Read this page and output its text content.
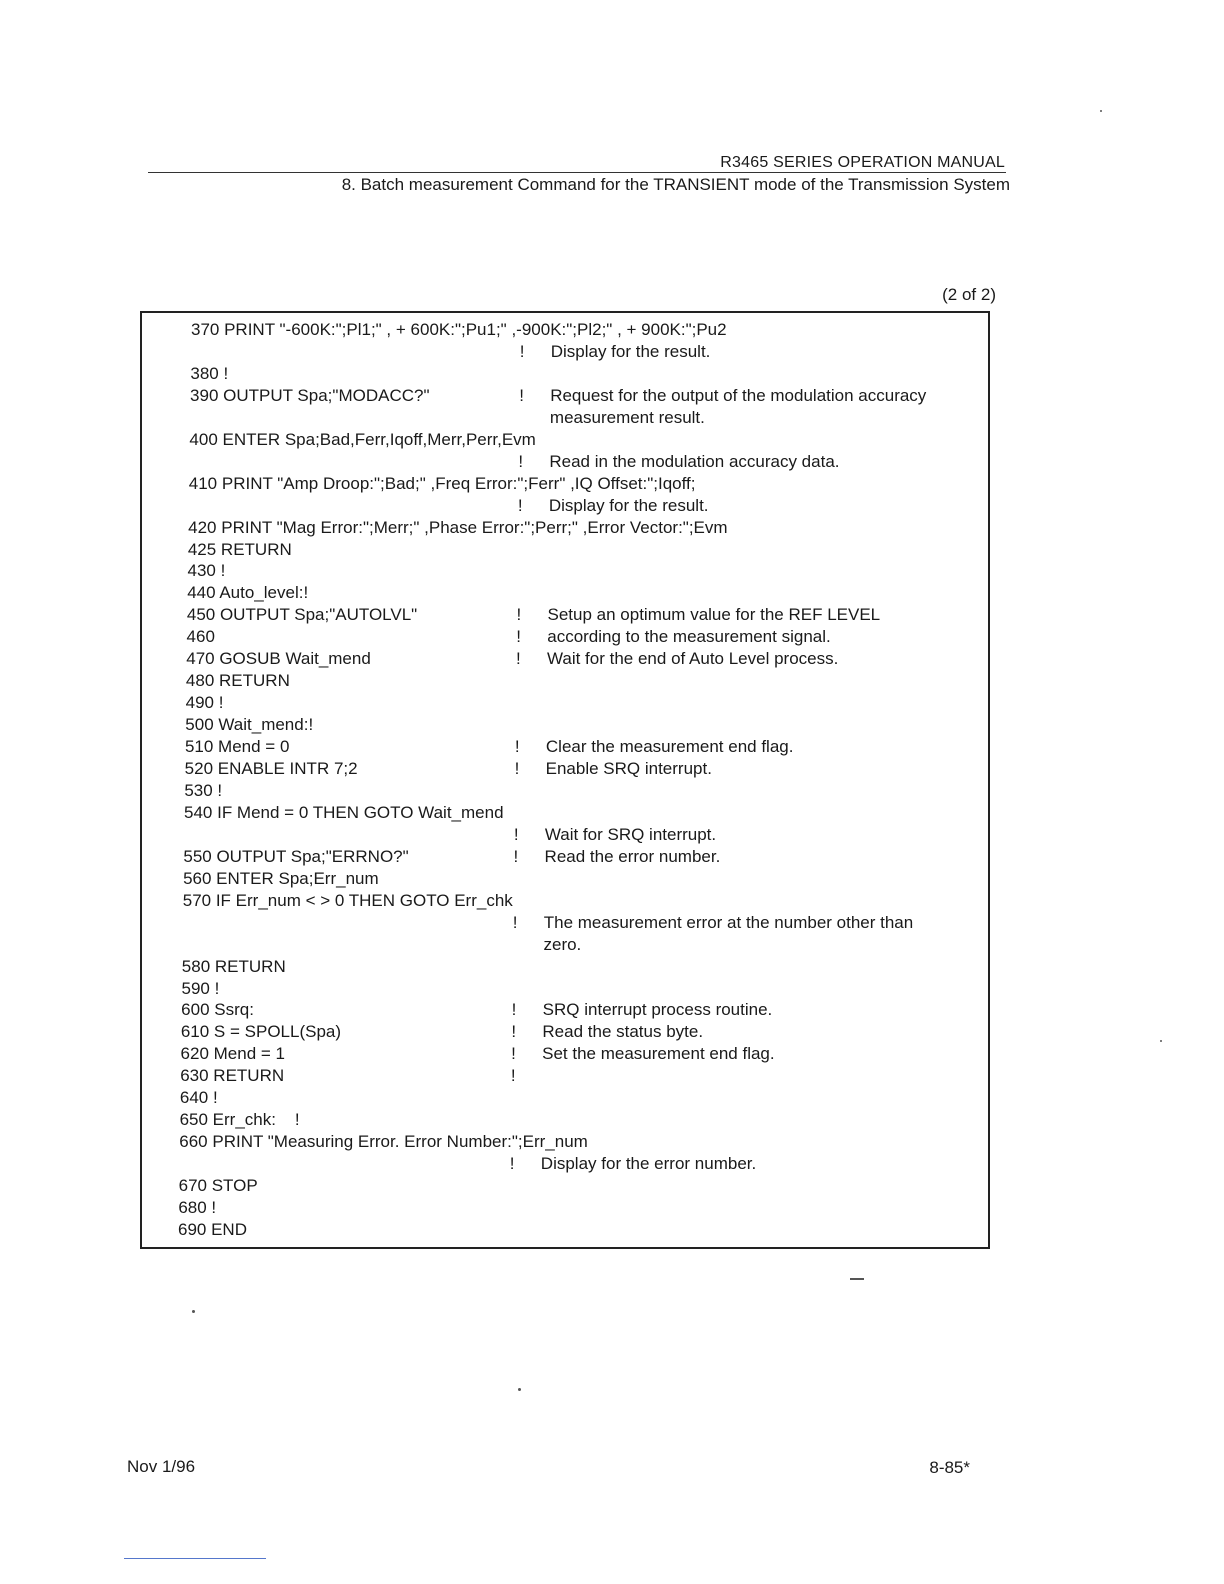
R3465 SERIES OPERATION MANUAL
8. Batch measurement Command for the TRANSIENT mode of the Transmission System
(2 of 2)
370 PRINT "-600K:";Pl1;" , + 600K:";Pu1;" ,-900K:";Pl2;" , + 900K:";Pu2
! Display for the result.
380 !
390 OUTPUT Spa;"MODACC?"	! Request for the output of the modulation accuracy
measurement result.
400 ENTER Spa;Bad,Ferr,Iqoff,Merr,Perr,Evm
! Read in the modulation accuracy data.
410 PRINT "Amp Droop:";Bad;" ,Freq Error:";Ferr" ,IQ Offset:";Iqoff;
! Display for the result.
420 PRINT "Mag Error:";Merr;" ,Phase Error:";Perr;" ,Error Vector:";Evm
425 RETURN
430 !
440 Auto_level:!
450 OUTPUT Spa;"AUTOLVL"	! Setup an optimum value for the REF LEVEL
460	! according to the measurement signal.
470 GOSUB Wait_mend	! Wait for the end of Auto Level process.
480 RETURN
490 !
500 Wait_mend:!
510 Mend = 0	! Clear the measurement end flag.
520 ENABLE INTR 7;2	! Enable SRQ interrupt.
530 !
540 IF Mend = 0 THEN GOTO Wait_mend
! Wait for SRQ interrupt.
550 OUTPUT Spa;"ERRNO?"	! Read the error number.
560 ENTER Spa;Err_num
570 IF Err_num < > 0 THEN GOTO Err_chk
! The measurement error at the number other than
zero.
580 RETURN
590 !
600 Ssrq:	! SRQ interrupt process routine.
610 S = SPOLL(Spa)	! Read the status byte.
620 Mend = 1	! Set the measurement end flag.
630 RETURN	!
640 !
650 Err_chk:    !
660 PRINT "Measuring Error. Error Number:";Err_num
! Display for the error number.
670 STOP
680 !
690 END
Nov 1/96	8-85*
